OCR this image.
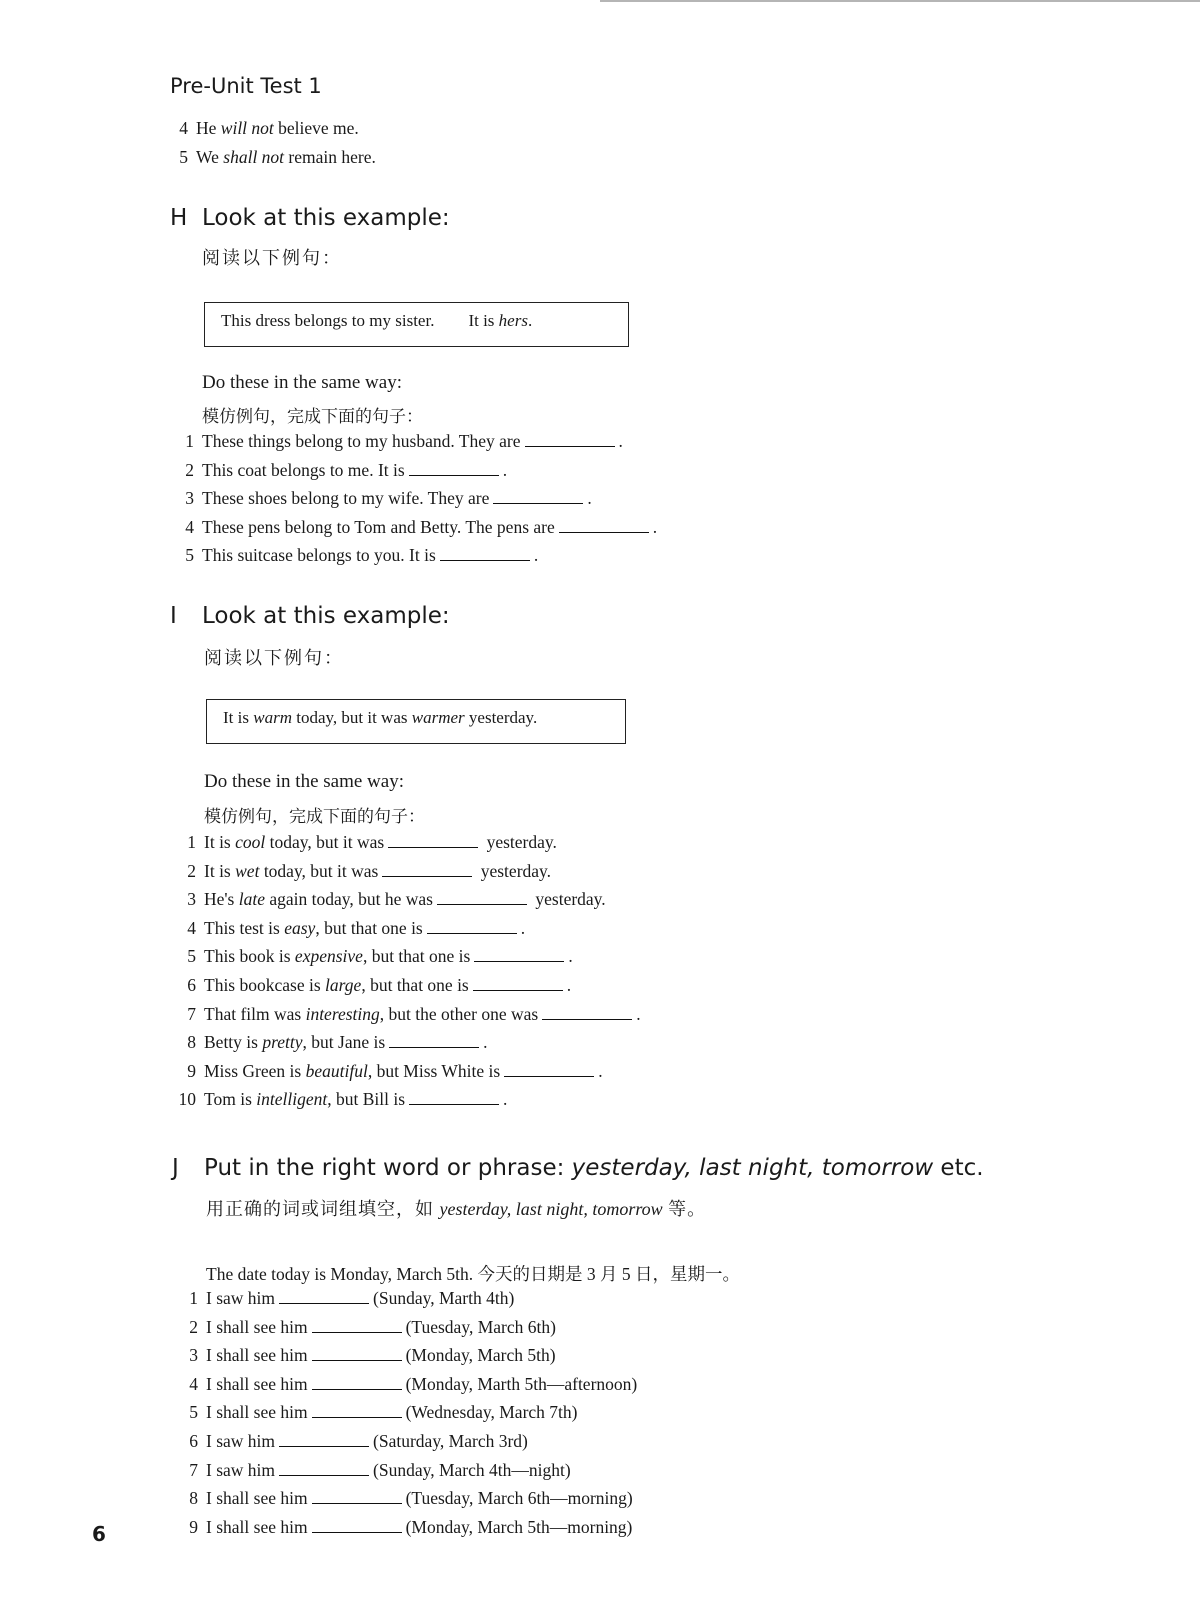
Pre-Unit Test 1
4 He will not believe me.
5 We shall not remain here.
H Look at this example:
阅读以下例句：
This dress belongs to my sister.        It is hers.
Do these in the same way:
模仿例句，完成下面的句子：
1 These things belong to my husband. They are	.
2 This coat belongs to me. It is	.
3 These shoes belong to my wife. They are	.
4 These pens belong to Tom and Betty. The pens are	.
5 This suitcase belongs to you. It is	.
I Look at this example:
阅读以下例句：
It is warm today, but it was warmer yesterday.
Do these in the same way:
模仿例句，完成下面的句子：
1 It is cool today, but it was	yesterday.
2 It is wet today, but it was	yesterday.
3 He's late again today, but he was	yesterday.
4 This test is easy, but that one is	.
5 This book is expensive, but that one is	.
6 This bookcase is large, but that one is	.
7 That film was interesting, but the other one was	.
8 Betty is pretty, but Jane is	.
9 Miss Green is beautiful, but Miss White is	.
10 Tom is intelligent, but Bill is	.
J Put in the right word or phrase: yesterday, last night, tomorrow etc.
用正确的词或词组填空，如 yesterday, last night, tomorrow 等。
The date today is Monday, March 5th. 今天的日期是 3 月 5 日，星期一。
1 I saw him	(Sunday, Marth 4th)
2 I shall see him	(Tuesday, March 6th)
3 I shall see him	(Monday, March 5th)
4 I shall see him	(Monday, Marth 5th—afternoon)
5 I shall see him	(Wednesday, March 7th)
6 I saw him	(Saturday, March 3rd)
7 I saw him	(Sunday, March 4th—night)
8 I shall see him	(Tuesday, March 6th—morning)
9 I shall see him	(Monday, March 5th—morning)
6
